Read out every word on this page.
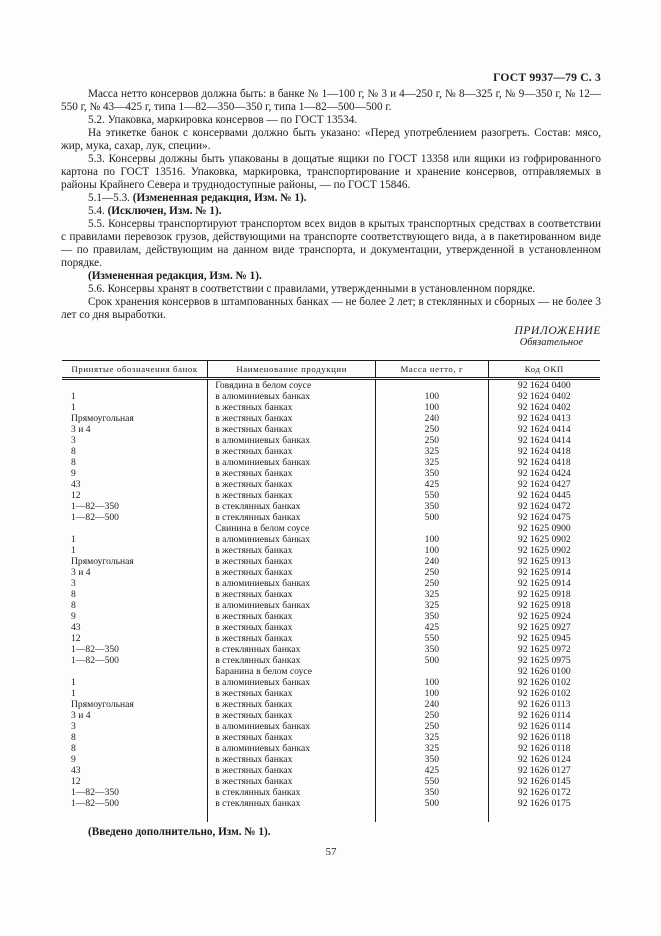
ГОСТ 9937—79 С. 3

Масса нетто консервов должна быть: в банке № 1—100 г, № 3 и 4—250 г, № 8—325 г, № 9—350 г, № 12—550 г, № 43—425 г, типа 1—82—350—350 г, типа 1—82—500—500 г.

5.2. Упаковка, маркировка консервов — по ГОСТ 13534.

На этикетке банок с консервами должно быть указано: «Перед употреблением разогреть. Состав: мясо, жир, мука, сахар, лук, специи».

5.3. Консервы должны быть упакованы в дощатые ящики по ГОСТ 13358 или ящики из гофрированного картона по ГОСТ 13516. Упаковка, маркировка, транспортирование и хранение консервов, отправляемых в районы Крайнего Севера и труднодоступные районы, — по ГОСТ 15846.

5.1—5.3. (Измененная редакция, Изм. № 1).

5.4. (Исключен, Изм. № 1).

5.5. Консервы транспортируют транспортом всех видов в крытых транспортных средствах в соответствии с правилами перевозок грузов, действующими на транспорте соответствующего вида, а в пакетированном виде — по правилам, действующим на данном виде транспорта, и документации, утвержденной в установленном порядке.

(Измененная редакция, Изм. № 1).

5.6. Консервы хранят в соответствии с правилами, утвержденными в установленном порядке.

Срок хранения консервов в штампованных банках — не более 2 лет; в стеклянных и сборных — не более 3 лет со дня выработки.

ПРИЛОЖЕНИЕ
Обязательное
Принятые обозначения банок	Наименование продукции	Масса нетто, г	Код ОКП
	Говядина в белом соусе		92 1624 0400
1	в алюминиевых банках	100	92 1624 0402
1	в жестяных банках	100	92 1624 0402
Прямоугольная	в жестяных банках	240	92 1624 0413
3 и 4	в жестяных банках	250	92 1624 0414
3	в алюминиевых банках	250	92 1624 0414
8	в жестяных банках	325	92 1624 0418
8	в алюминиевых банках	325	92 1624 0418
9	в жестяных банках	350	92 1624 0424
43	в жестяных банках	425	92 1624 0427
12	в жестяных банках	550	92 1624 0445
1—82—350	в стеклянных банках	350	92 1624 0472
1—82—500	в стеклянных банках	500	92 1624 0475
	Свинина в белом соусе		92 1625 0900
1	в алюминиевых банках	100	92 1625 0902
1	в жестяных банках	100	92 1625 0902
Прямоугольная	в жестяных банках	240	92 1625 0913
3 и 4	в жестяных банках	250	92 1625 0914
3	в алюминиевых банках	250	92 1625 0914
8	в жестяных банках	325	92 1625 0918
8	в алюминиевых банках	325	92 1625 0918
9	в жестяных банках	350	92 1625 0924
43	в жестяных банках	425	92 1625 0927
12	в жестяных банках	550	92 1625 0945
1—82—350	в стеклянных банках	350	92 1625 0972
1—82—500	в стеклянных банках	500	92 1625 0975
	Баранина в белом соусе		92 1626 0100
1	в алюминиевых банках	100	92 1626 0102
1	в жестяных банках	100	92 1626 0102
Прямоугольная	в жестяных банках	240	92 1626 0113
3 и 4	в жестяных банках	250	92 1626 0114
3	в алюминиевых банках	250	92 1626 0114
8	в жестяных банках	325	92 1626 0118
8	в алюминиевых банках	325	92 1626 0118
9	в жестяных банках	350	92 1626 0124
43	в жестяных банках	425	92 1626 0127
12	в жестяных банках	550	92 1626 0145
1—82—350	в стеклянных банках	350	92 1626 0172
1—82—500	в стеклянных банках	500	92 1626 0175

(Введено дополнительно, Изм. № 1).
57
